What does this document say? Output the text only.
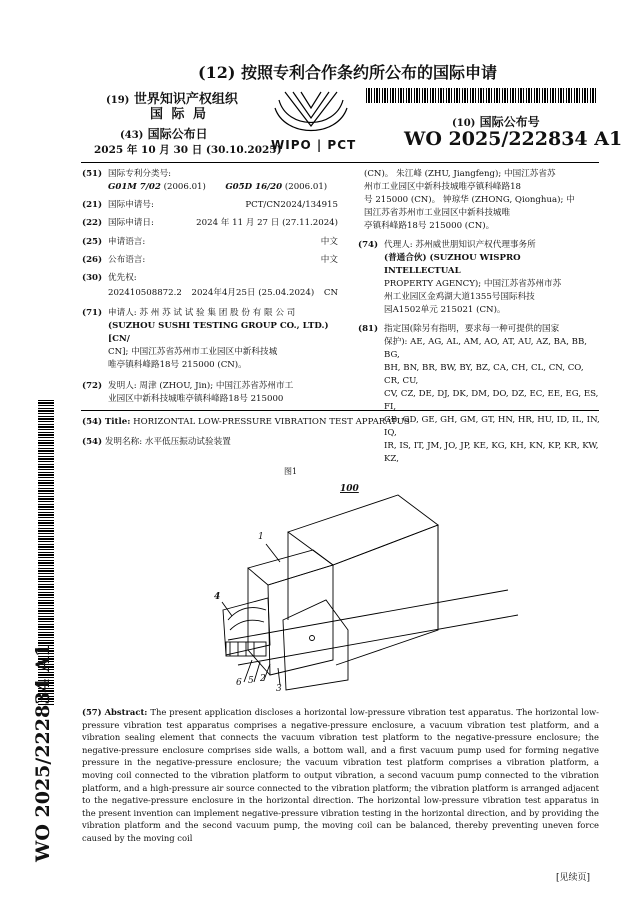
(12) 按照专利合作条约所公布的国际申请
(19) 世界知识产权组织
国 际 局
(43) 国际公布日
2025 年 10 月 30 日 (30.10.2025)
WIPO | PCT
(10) 国际公布号
WO 2025/222834 A1
(51) 国际专利分类号:
G01M 7/02 (2006.01) G05D 16/20 (2006.01)
(21) 国际申请号:	PCT/CN2024/134915
(22) 国际申请日:	2024 年 11 月 27 日 (27.11.2024)
(25) 申请语言:	中文
(26) 公布语言:	中文
(30) 优先权:
202410508872.2 2024年4月25日 (25.04.2024) CN
(71) 申请人: 苏 州 苏 试 试 验 集 团 股 份 有 限 公 司
(SUZHOU SUSHI TESTING GROUP CO., LTD.) [CN/
CN]; 中国江苏省苏州市工业园区中新科技城
唯亭镇科峰路18号 215000 (CN)。
(72) 发明人: 周津 (ZHOU, Jin); 中国江苏省苏州市工
业园区中新科技城唯亭镇科峰路18号 215000
(CN)。 朱江峰 (ZHU, Jiangfeng); 中国江苏省苏
州市工业园区中新科技城唯亭镇科峰路18
号 215000 (CN)。 钟琼华 (ZHONG, Qionghua); 中
国江苏省苏州市工业园区中新科技城唯
亭镇科峰路18号 215000 (CN)。
(74) 代理人: 苏州威世朋知识产权代理事务所
(普通合伙) (SUZHOU WISPRO INTELLECTUAL
PROPERTY AGENCY); 中国江苏省苏州市苏
州工业园区金鸡湖大道1355号国际科技
园A1502单元 215021 (CN)。
(81) 指定国(除另有指明，要求每一种可提供的国家
保护): AE, AG, AL, AM, AO, AT, AU, AZ, BA, BB, BG,
BH, BN, BR, BW, BY, BZ, CA, CH, CL, CN, CO, CR, CU,
CV, CZ, DE, DJ, DK, DM, DO, DZ, EC, EE, EG, ES, FI,
GB, GD, GE, GH, GM, GT, HN, HR, HU, ID, IL, IN, IQ,
IR, IS, IT, JM, JO, JP, KE, KG, KH, KN, KP, KR, KW, KZ,
(54) Title: HORIZONTAL LOW-PRESSURE VIBRATION TEST APPARATUS
(54) 发明名称: 水平低压振动试验装置
图1
100
1
4
6 5 2
3
(57) Abstract: The present application discloses a horizontal low-pressure vibration test apparatus. The horizontal low-pressure vibration test apparatus comprises a negative-pressure enclosure, a vacuum vibration test platform, and a vibration sealing element that connects the vacuum vibration test platform to the negative-pressure enclosure; the negative-pressure enclosure comprises side walls, a bottom wall, and a first vacuum pump used for forming negative pressure in the negative-pressure enclosure; the vacuum vibration test platform comprises a vibration platform, a moving coil connected to the vibration platform to output vibration, a second vacuum pump connected to the vibration platform, and a high-pressure air source connected to the vibration platform; the vibration platform is arranged adjacent to the negative-pressure enclosure in the horizontal direction. The horizontal low-pressure vibration test apparatus in the present invention can implement negative-pressure vibration testing in the horizontal direction, and by providing the vibration platform and the second vacuum pump, the moving coil can be balanced, thereby preventing uneven force caused by the moving coil
WO 2025/222834 A1
[见续页]
